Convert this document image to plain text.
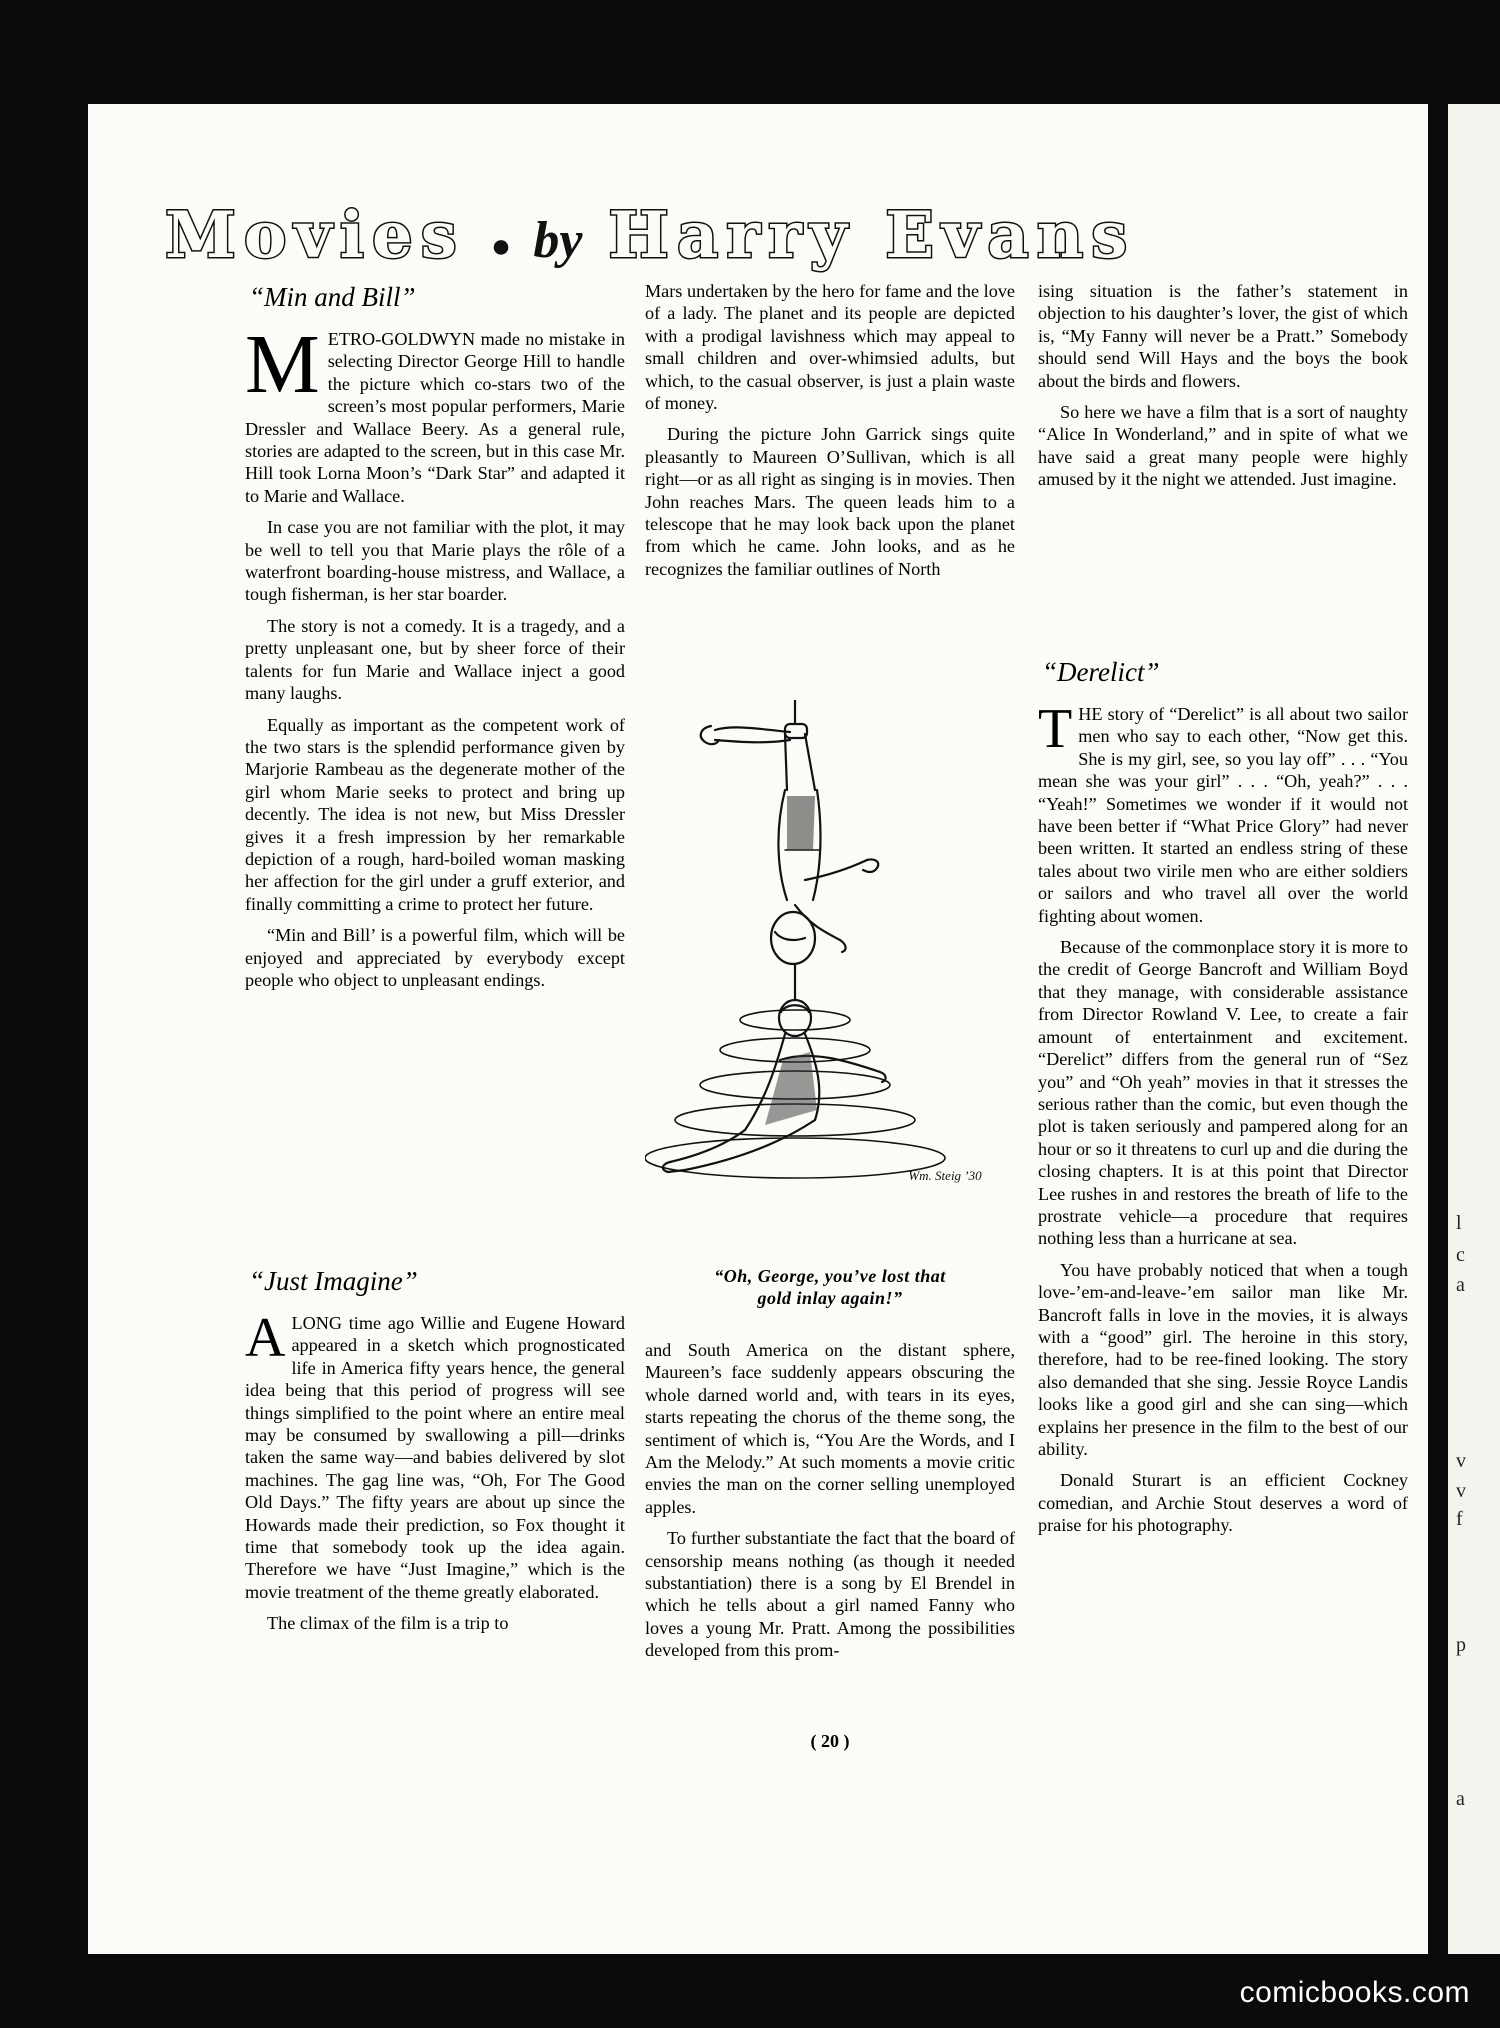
l
c
a
v
v
f
p
a
Movies ● by Harry Evans
“Min and Bill”

METRO-GOLDWYN made no mistake in selecting Director George Hill to handle the picture which co-stars two of the screen’s most popular performers, Marie Dressler and Wallace Beery. As a general rule, stories are adapted to the screen, but in this case Mr. Hill took Lorna Moon’s “Dark Star” and adapted it to Marie and Wallace.

In case you are not familiar with the plot, it may be well to tell you that Marie plays the rôle of a waterfront boarding-house mistress, and Wallace, a tough fisherman, is her star boarder.

The story is not a comedy. It is a tragedy, and a pretty unpleasant one, but by sheer force of their talents for fun Marie and Wallace inject a good many laughs.

Equally as important as the competent work of the two stars is the splendid performance given by Marjorie Rambeau as the degenerate mother of the girl whom Marie seeks to protect and bring up decently. The idea is not new, but Miss Dressler gives it a fresh impression by her remarkable depiction of a rough, hard-boiled woman masking her affection for the girl under a gruff exterior, and finally committing a crime to protect her future.

“Min and Bill’ is a powerful film, which will be enjoyed and appreciated by everybody except people who object to unpleasant endings.

“Just Imagine”

ALONG time ago Willie and Eugene Howard appeared in a sketch which prognosticated life in America fifty years hence, the general idea being that this period of progress will see things simplified to the point where an entire meal may be consumed by swallowing a pill—drinks taken the same way—and babies delivered by slot machines. The gag line was, “Oh, For The Good Old Days.” The fifty years are about up since the Howards made their prediction, so Fox thought it time that somebody took up the idea again. Therefore we have “Just Imagine,” which is the movie treatment of the theme greatly elaborated.

The climax of the film is a trip to

Mars undertaken by the hero for fame and the love of a lady. The planet and its people are depicted with a prodigal lavishness which may appeal to small children and over-whimsied adults, but which, to the casual observer, is just a plain waste of money.

During the picture John Garrick sings quite pleasantly to Maureen O’Sullivan, which is all right—or as all right as singing is in movies. Then John reaches Mars. The queen leads him to a telescope that he may look back upon the planet from which he came. John looks, and as he recognizes the familiar outlines of North

Wm. Steig ’30
“Oh, George, you’ve lost that
gold inlay again!”

and South America on the distant sphere, Maureen’s face suddenly appears obscuring the whole darned world and, with tears in its eyes, starts repeating the chorus of the theme song, the sentiment of which is, “You Are the Words, and I Am the Melody.” At such moments a movie critic envies the man on the corner selling unemployed apples.

To further substantiate the fact that the board of censorship means nothing (as though it needed substantiation) there is a song by El Brendel in which he tells about a girl named Fanny who loves a young Mr. Pratt. Among the possibilities developed from this prom-

ising situation is the father’s statement in objection to his daughter’s lover, the gist of which is, “My Fanny will never be a Pratt.” Somebody should send Will Hays and the boys the book about the birds and flowers.

So here we have a film that is a sort of naughty “Alice In Wonderland,” and in spite of what we have said a great many people were highly amused by it the night we attended. Just imagine.

“Derelict”

THE story of “Derelict” is all about two sailor men who say to each other, “Now get this. She is my girl, see, so you lay off” . . . “You mean she was your girl” . . . “Oh, yeah?” . . . “Yeah!” Sometimes we wonder if it would not have been better if “What Price Glory” had never been written. It started an endless string of these tales about two virile men who are either soldiers or sailors and who travel all over the world fighting about women.

Because of the commonplace story it is more to the credit of George Bancroft and William Boyd that they manage, with considerable assistance from Director Rowland V. Lee, to create a fair amount of entertainment and excitement. “Derelict” differs from the general run of “Sez you” and “Oh yeah” movies in that it stresses the serious rather than the comic, but even though the plot is taken seriously and pampered along for an hour or so it threatens to curl up and die during the closing chapters. It is at this point that Director Lee rushes in and restores the breath of life to the prostrate vehicle—a procedure that requires nothing less than a hurricane at sea.

You have probably noticed that when a tough love-’em-and-leave-’em sailor man like Mr. Bancroft falls in love in the movies, it is always with a “good” girl. The heroine in this story, therefore, had to be ree-fined looking. The story also demanded that she sing. Jessie Royce Landis looks like a good girl and she can sing—which explains her presence in the film to the best of our ability.

Donald Sturart is an efficient Cockney comedian, and Archie Stout deserves a word of praise for his photography.

( 20 )
comicbooks.com
